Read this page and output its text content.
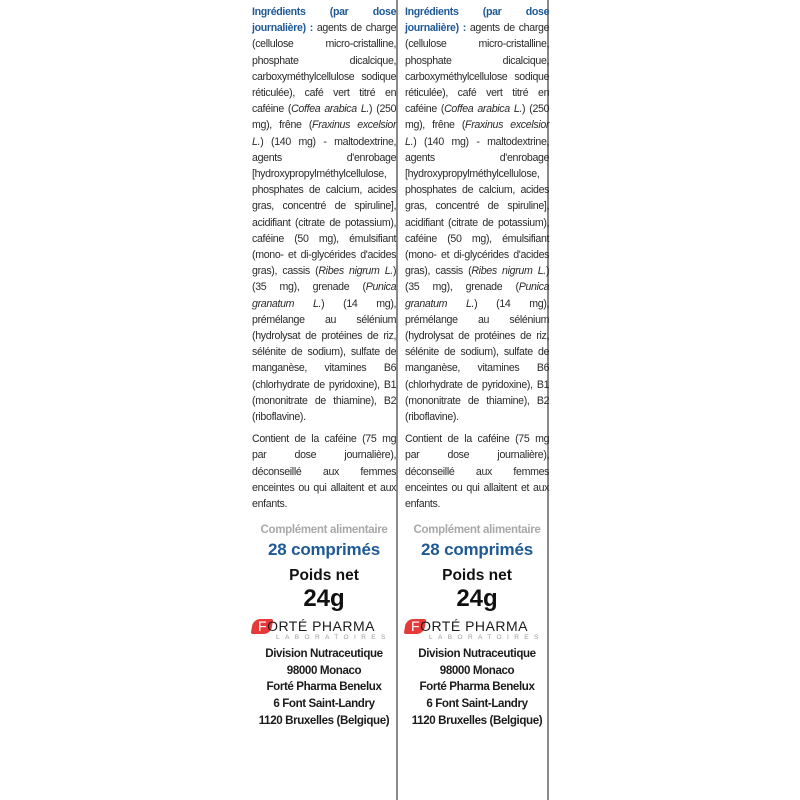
Ingrédients (par dose journalière) : agents de charge (cellulose micro-cristalline, phosphate dicalcique, carboxyméthylcellulose sodique réticulée), café vert titré en caféine (Coffea arabica L.) (250 mg), frêne (Fraxinus excelsior L.) (140 mg) - maltodextrine, agents d'enrobage [hydroxypropylméthylcellulose, phosphates de calcium, acides gras, concentré de spiruline], acidifiant (citrate de potassium), caféine (50 mg), émulsifiant (mono- et di-glycérides d'acides gras), cassis (Ribes nigrum L.) (35 mg), grenade (Punica granatum L.) (14 mg), prémélange au sélénium (hydrolysat de protéines de riz, sélénite de sodium), sulfate de manganèse, vitamines B6 (chlorhydrate de pyridoxine), B1 (mononitrate de thiamine), B2 (riboflavine).
Contient de la caféine (75 mg par dose journalière), déconseillé aux femmes enceintes ou qui allaitent et aux enfants.
Complément alimentaire
28 comprimés
Poids net
24g
FORTÉ PHARMA
LABORATOIRES
Division Nutraceutique
98000 Monaco
Forté Pharma Benelux
6 Font Saint-Landry
1120 Bruxelles (Belgique)
Ingrédients (par dose journalière) : agents de charge (cellulose micro-cristalline, phosphate dicalcique, carboxyméthylcellulose sodique réticulée), café vert titré en caféine (Coffea arabica L.) (250 mg), frêne (Fraxinus excelsior L.) (140 mg) - maltodextrine, agents d'enrobage [hydroxypropylméthylcellulose, phosphates de calcium, acides gras, concentré de spiruline], acidifiant (citrate de potassium), caféine (50 mg), émulsifiant (mono- et di-glycérides d'acides gras), cassis (Ribes nigrum L.) (35 mg), grenade (Punica granatum L.) (14 mg), prémélange au sélénium (hydrolysat de protéines de riz, sélénite de sodium), sulfate de manganèse, vitamines B6 (chlorhydrate de pyridoxine), B1 (mononitrate de thiamine), B2 (riboflavine).
Contient de la caféine (75 mg par dose journalière), déconseillé aux femmes enceintes ou qui allaitent et aux enfants.
Complément alimentaire
28 comprimés
Poids net
24g
FORTÉ PHARMA
LABORATOIRES
Division Nutraceutique
98000 Monaco
Forté Pharma Benelux
6 Font Saint-Landry
1120 Bruxelles (Belgique)
